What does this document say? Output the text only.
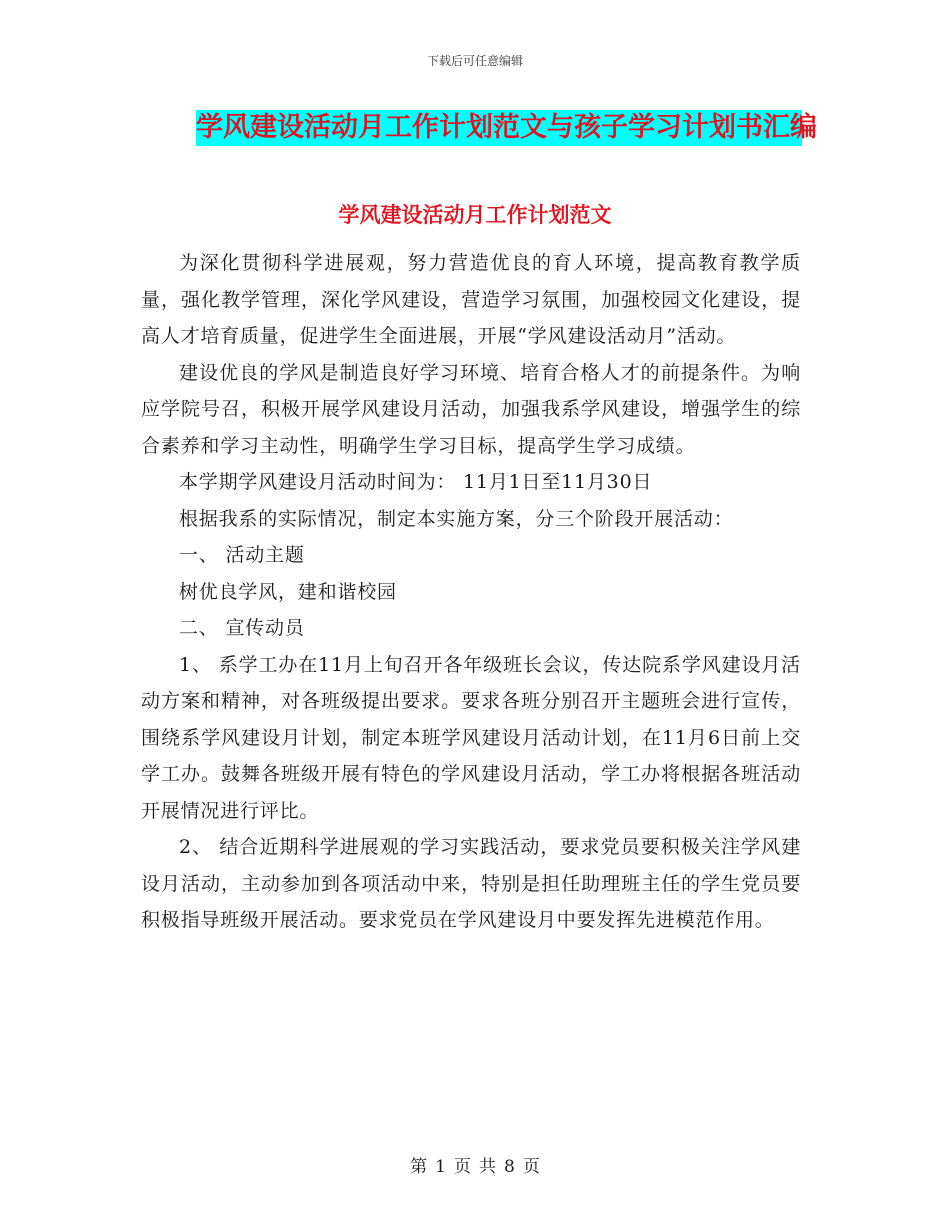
下载后可任意编辑
学风建设活动月工作计划范文与孩子学习计划书汇编
学风建设活动月工作计划范文

为深化贯彻科学进展观，努力营造优良的育人环境，提高教育教学质量，强化教学管理，深化学风建设，营造学习氛围，加强校园文化建设，提高人才培育质量，促进学生全面进展，开展“学风建设活动月”活动。

建设优良的学风是制造良好学习环境、培育合格人才的前提条件。为响应学院号召，积极开展学风建设月活动，加强我系学风建设，增强学生的综合素养和学习主动性，明确学生学习目标，提高学生学习成绩。

本学期学风建设月活动时间为： 11月1日至11月30日

根据我系的实际情况，制定本实施方案，分三个阶段开展活动：

一、 活动主题

树优良学风，建和谐校园

二、 宣传动员

1、 系学工办在11月上旬召开各年级班长会议，传达院系学风建设月活动方案和精神，对各班级提出要求。要求各班分别召开主题班会进行宣传，围绕系学风建设月计划，制定本班学风建设月活动计划，在11月6日前上交学工办。鼓舞各班级开展有特色的学风建设月活动，学工办将根据各班活动开展情况进行评比。

2、 结合近期科学进展观的学习实践活动，要求党员要积极关注学风建设月活动，主动参加到各项活动中来，特别是担任助理班主任的学生党员要积极指导班级开展活动。要求党员在学风建设月中要发挥先进模范作用。

第 1 页 共 8 页
